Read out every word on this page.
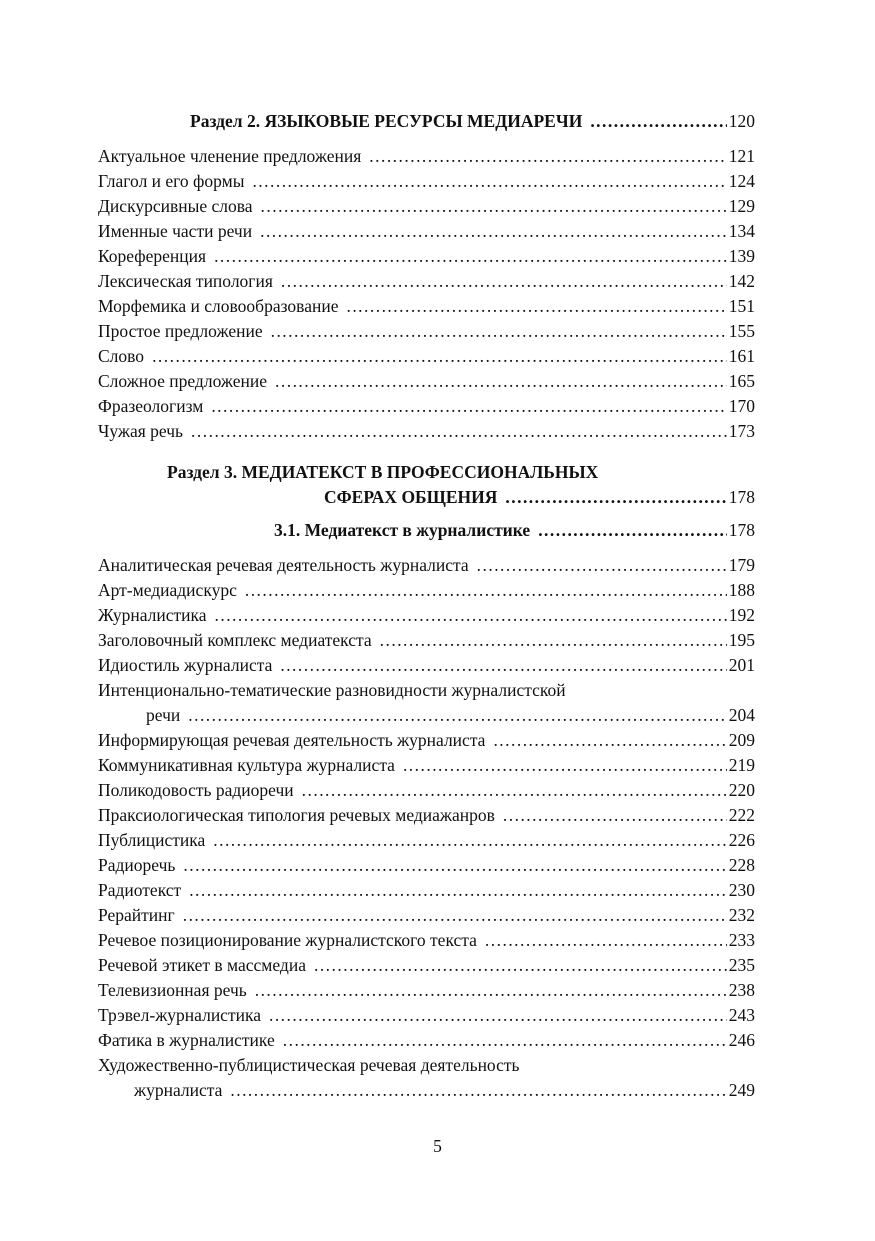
Раздел 2. ЯЗЫКОВЫЕ РЕСУРСЫ МЕДИАРЕЧИ . . .	120
Актуальное членение предложения . . .	121
Глагол и его формы . . .	124
Дискурсивные слова . . .	129
Именные части речи . . .	134
Кореференция . . .	139
Лексическая типология . . .	142
Морфемика и словообразование . . .	151
Простое предложение . . .	155
Слово . . .	161
Сложное предложение . . .	165
Фразеологизм . . .	170
Чужая речь . . .	173
Раздел 3. МЕДИАТЕКСТ В ПРОФЕССИОНАЛЬНЫХ
СФЕРАХ ОБЩЕНИЯ . . .	178
3.1. Медиатекст в журналистике . . .	178
Аналитическая речевая деятельность журналиста . . .	179
Арт-медиадискурс . . .	188
Журналистика . . .	192
Заголовочный комплекс медиатекста . . .	195
Идиостиль журналиста . . .	201
Интенционально-тематические разновидности журналистской
речи . . .	204
Информирующая речевая деятельность журналиста . . .	209
Коммуникативная культура журналиста . . .	219
Поликодовость радиоречи . . .	220
Праксиологическая типология речевых медиажанров . . .	222
Публицистика . . .	226
Радиоречь . . .	228
Радиотекст . . .	230
Рерайтинг . . .	232
Речевое позиционирование журналистского текста . . .	233
Речевой этикет в массмедиа . . .	235
Телевизионная речь . . .	238
Трэвел-журналистика . . .	243
Фатика в журналистике . . .	246
Художественно-публицистическая речевая деятельность
журналиста . . .	249
5
